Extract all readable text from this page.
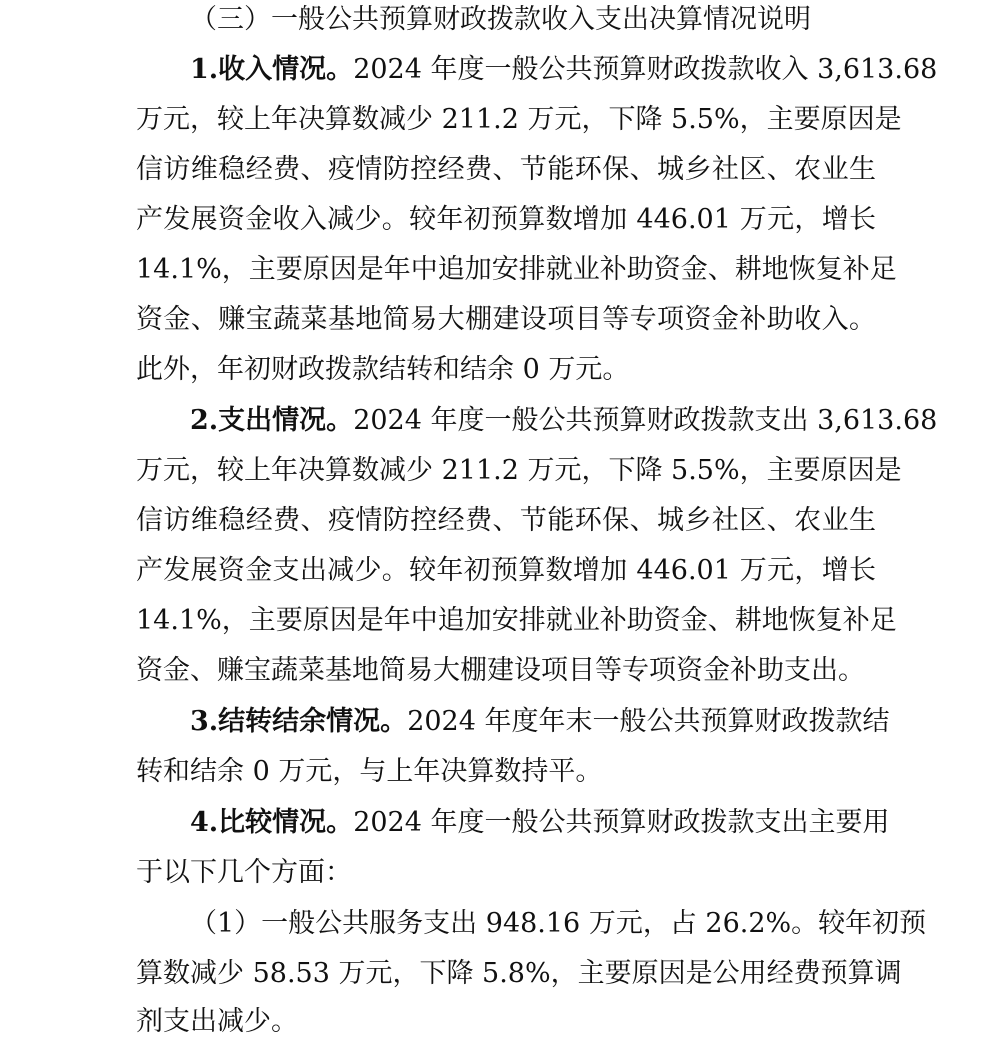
（三）一般公共预算财政拨款收入支出决算情况说明
1.收入情况。2024 年度一般公共预算财政拨款收入 3,613.68
万元，较上年决算数减少 211.2 万元，下降 5.5%，主要原因是
信访维稳经费、疫情防控经费、节能环保、城乡社区、农业生
产发展资金收入减少。较年初预算数增加 446.01 万元，增长
14.1%，主要原因是年中追加安排就业补助资金、耕地恢复补足
资金、赚宝蔬菜基地简易大棚建设项目等专项资金补助收入。
此外，年初财政拨款结转和结余 0 万元。
2.支出情况。2024 年度一般公共预算财政拨款支出 3,613.68
万元，较上年决算数减少 211.2 万元，下降 5.5%，主要原因是
信访维稳经费、疫情防控经费、节能环保、城乡社区、农业生
产发展资金支出减少。较年初预算数增加 446.01 万元，增长
14.1%，主要原因是年中追加安排就业补助资金、耕地恢复补足
资金、赚宝蔬菜基地简易大棚建设项目等专项资金补助支出。
3.结转结余情况。2024 年度年末一般公共预算财政拨款结
转和结余 0 万元，与上年决算数持平。
4.比较情况。2024 年度一般公共预算财政拨款支出主要用
于以下几个方面：
（1）一般公共服务支出 948.16 万元，占 26.2%。较年初预
算数减少 58.53 万元，下降 5.8%，主要原因是公用经费预算调
剂支出减少。
